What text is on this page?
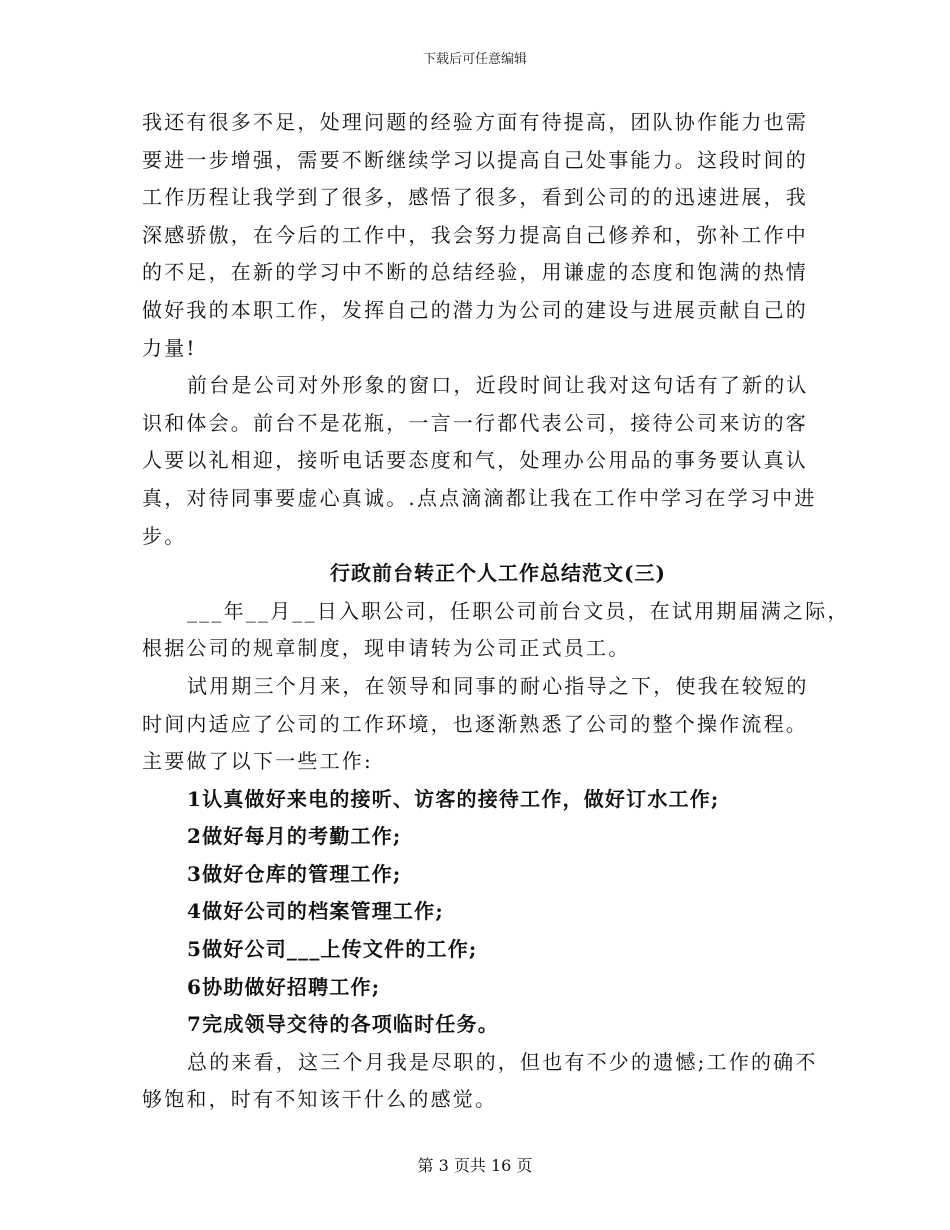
下载后可任意编辑
我还有很多不足，处理问题的经验方面有待提高，团队协作能力也需
要进一步增强，需要不断继续学习以提高自己处事能力。这段时间的
工作历程让我学到了很多，感悟了很多，看到公司的的迅速进展，我
深感骄傲，在今后的工作中，我会努力提高自己修养和，弥补工作中
的不足，在新的学习中不断的总结经验，用谦虚的态度和饱满的热情
做好我的本职工作，发挥自己的潜力为公司的建设与进展贡献自己的
力量!
前台是公司对外形象的窗口，近段时间让我对这句话有了新的认
识和体会。前台不是花瓶，一言一行都代表公司，接待公司来访的客
人要以礼相迎，接听电话要态度和气，处理办公用品的事务要认真认
真，对待同事要虚心真诚。.点点滴滴都让我在工作中学习在学习中进
步。
行政前台转正个人工作总结范文(三)
___年__月__日入职公司，任职公司前台文员，在试用期届满之际，
根据公司的规章制度，现申请转为公司正式员工。
试用期三个月来，在领导和同事的耐心指导之下，使我在较短的
时间内适应了公司的工作环境，也逐渐熟悉了公司的整个操作流程。
主要做了以下一些工作:
1认真做好来电的接听、访客的接待工作，做好订水工作;
2做好每月的考勤工作;
3做好仓库的管理工作;
4做好公司的档案管理工作;
5做好公司___上传文件的工作;
6协助做好招聘工作;
7完成领导交待的各项临时任务。
总的来看，这三个月我是尽职的，但也有不少的遗憾;工作的确不
够饱和，时有不知该干什么的感觉。
第 3 页共 16 页
